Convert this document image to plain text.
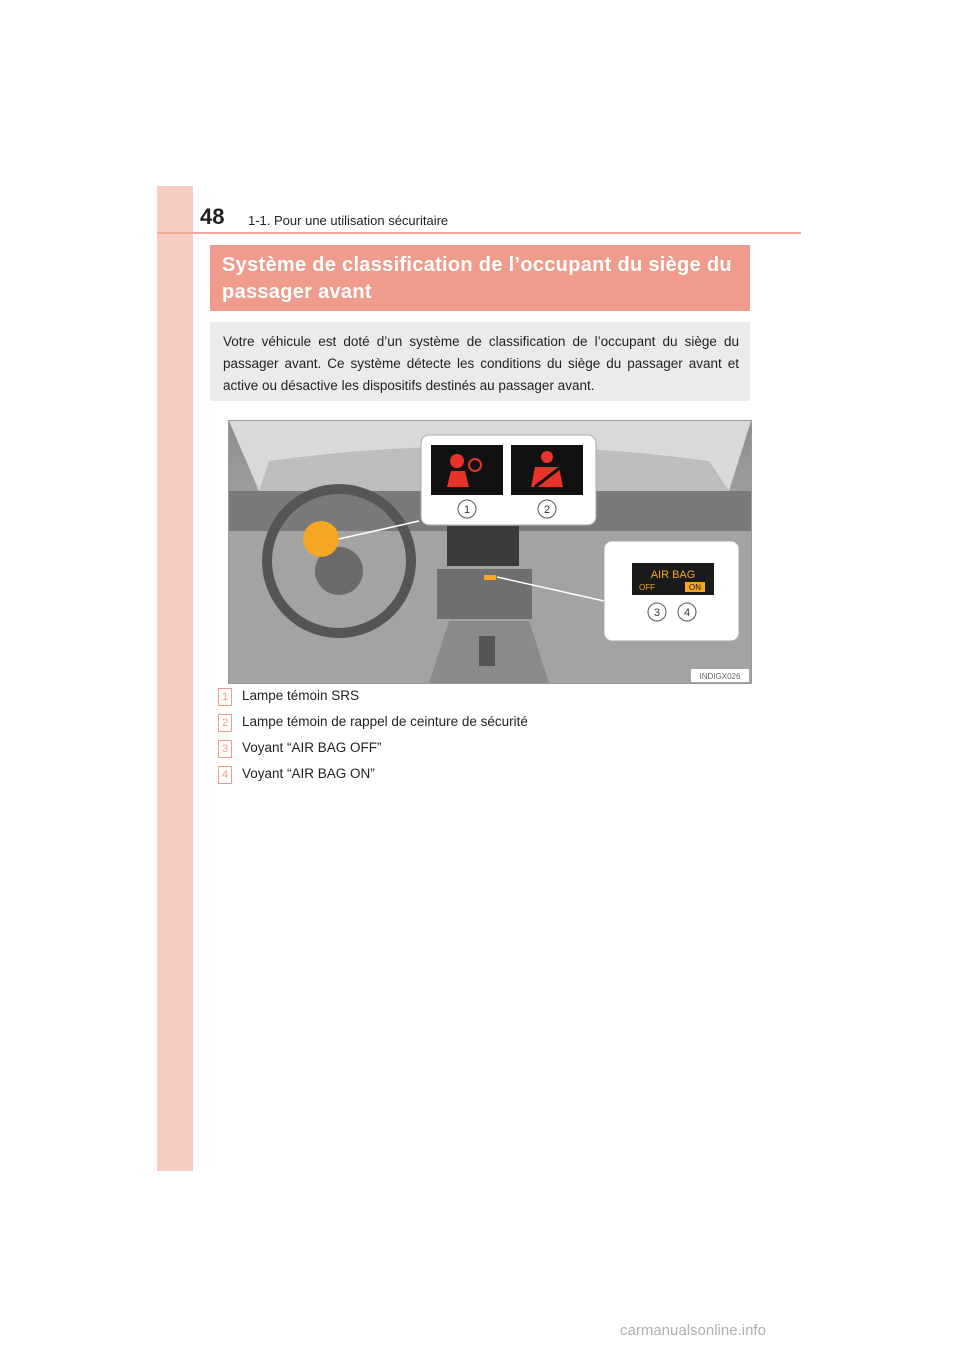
48 1-1. Pour une utilisation sécuritaire
Système de classification de l’occupant du siège du passager avant
Votre véhicule est doté d’un système de classification de l’occupant du siège du passager avant. Ce système détecte les conditions du siège du passager avant et active ou désactive les dispositifs destinés au passager avant.
1	2
AIR BAG
OFF	ON
3 4
INDIGX026
1 Lampe témoin SRS
2 Lampe témoin de rappel de ceinture de sécurité
3 Voyant “AIR BAG OFF”
4 Voyant “AIR BAG ON”
carmanualsonline.info
